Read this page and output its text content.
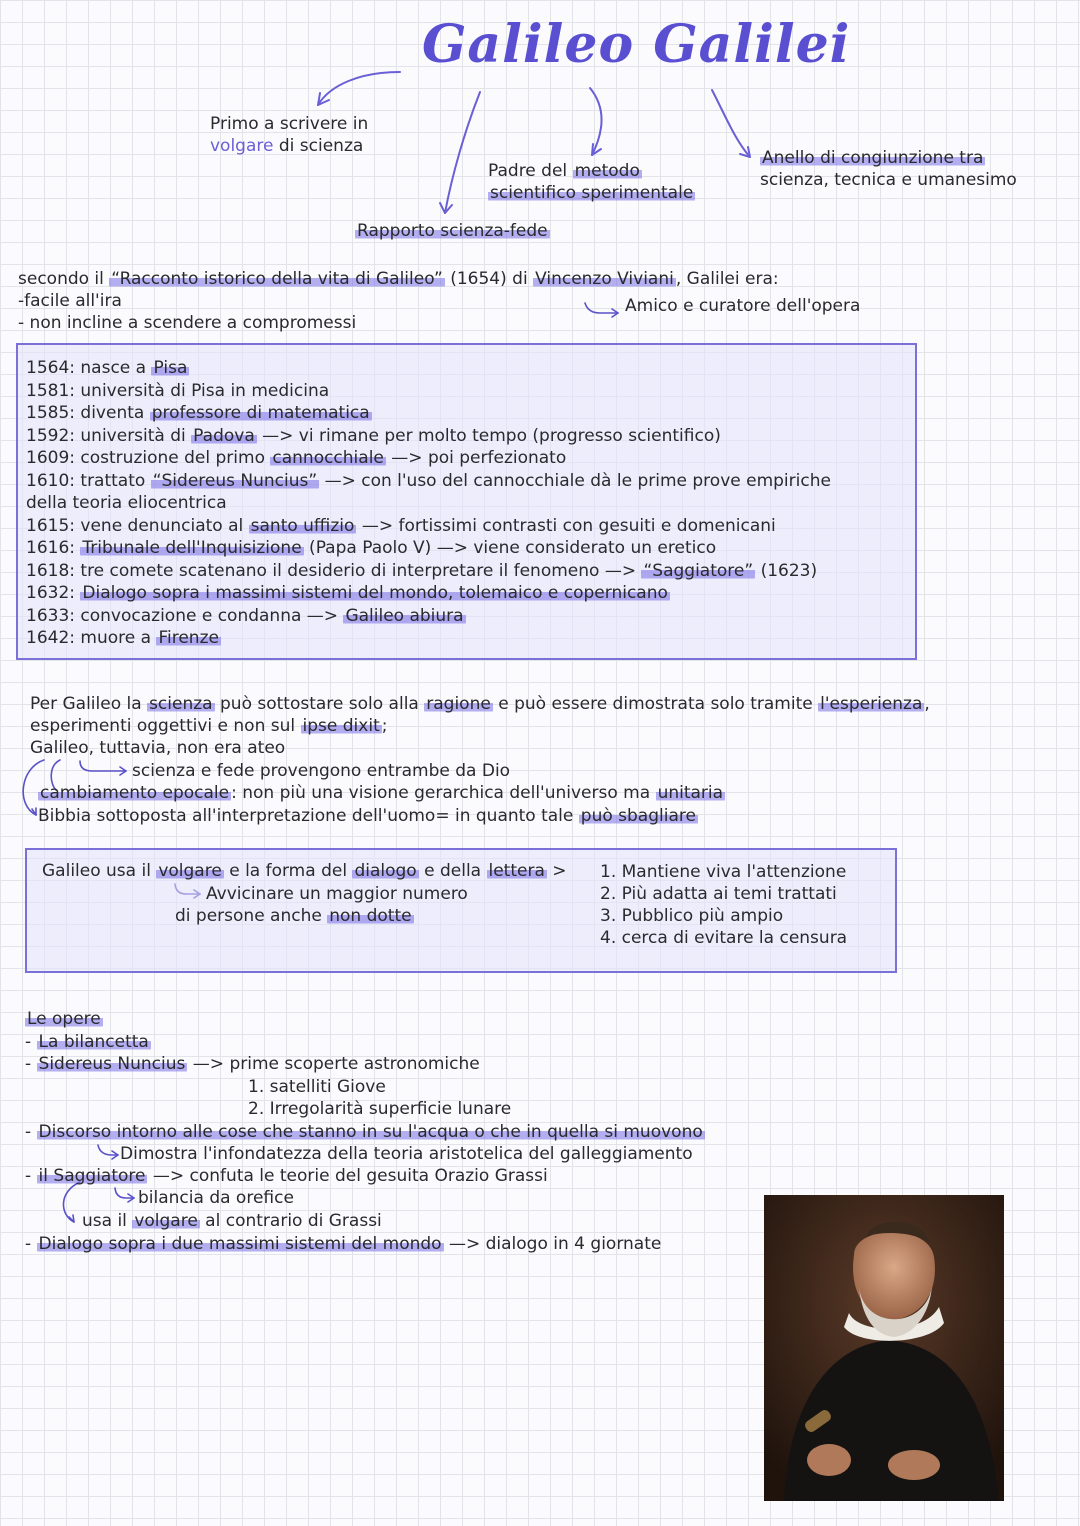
Galileo Galilei
Primo a scrivere in
volgare di scienza
Padre del metodo
scientifico sperimentale
Anello di congiunzione tra
scienza, tecnica e umanesimo
Rapporto scienza-fede
secondo il “Racconto istorico della vita di Galileo” (1654) di Vincenzo Viviani , Galilei era:
-facile all'ira
- non incline a scendere a compromessi
Amico e curatore dell'opera
1564: nasce a Pisa
1581: università di Pisa in medicina
1585: diventa professore di matematica
1592: università di Padova —> vi rimane per molto tempo (progresso scientifico)
1609: costruzione del primo cannocchiale —> poi perfezionato
1610: trattato “Sidereus Nuncius” —> con l'uso del cannocchiale dà le prime prove empiriche
della teoria eliocentrica
1615: vene denunciato al santo uffizio —> fortissimi contrasti con gesuiti e domenicani
1616: Tribunale dell'Inquisizione (Papa Paolo V) —> viene considerato un eretico
1618: tre comete scatenano il desiderio di interpretare il fenomeno —> “Saggiatore” (1623)
1632: Dialogo sopra i massimi sistemi del mondo, tolemaico e copernicano
1633: convocazione e condanna —> Galileo abiura
1642: muore a Firenze
Per Galileo la scienza può sottostare solo alla ragione e può essere dimostrata solo tramite l'esperienza ,
esperimenti oggettivi e non sul ipse dixit ;
Galileo, tuttavia, non era ateo
scienza e fede provengono entrambe da Dio
cambiamento epocale : non più una visione gerarchica dell'universo ma unitaria
Bibbia sottoposta all'interpretazione dell'uomo= in quanto tale può sbagliare
Galileo usa il volgare e la forma del dialogo e della lettera >
Avvicinare un maggior numero
di persone anche non dotte
1. Mantiene viva l'attenzione
2. Più adatta ai temi trattati
3. Pubblico più ampio
4. cerca di evitare la censura
Le opere
- La bilancetta
- Sidereus Nuncius —> prime scoperte astronomiche
1. satelliti Giove
2. Irregolarità superficie lunare
- Discorso intorno alle cose che stanno in su l'acqua o che in quella si muovono
Dimostra l'infondatezza della teoria aristotelica del galleggiamento
- il Saggiatore —> confuta le teorie del gesuita Orazio Grassi
bilancia da orefice
usa il volgare al contrario di Grassi
- Dialogo sopra i due massimi sistemi del mondo —> dialogo in 4 giornate
